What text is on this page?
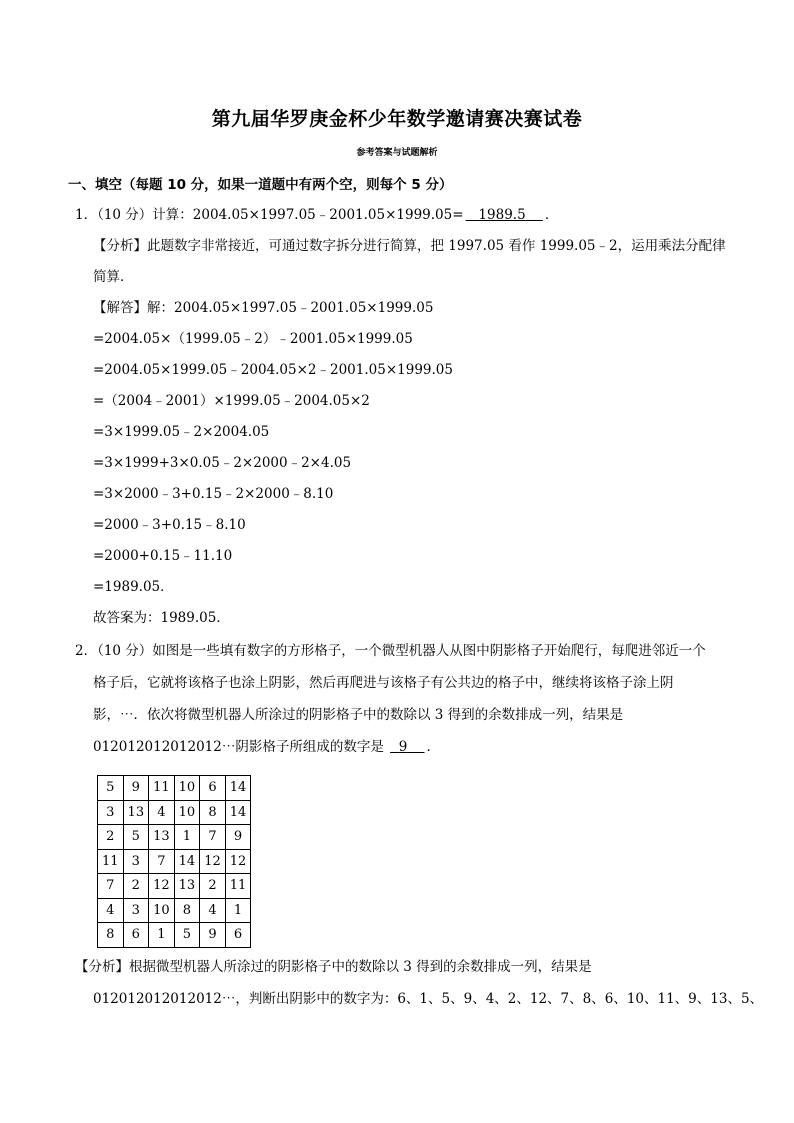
第九届华罗庚金杯少年数学邀请赛决赛试卷
参考答案与试题解析
一、填空（每题 10 分，如果一道题中有两个空，则每个 5 分）
1．（10 分）计算：2004.05×1997.05﹣2001.05×1999.05= 1989.5 ．
【分析】此题数字非常接近，可通过数字拆分进行简算，把 1997.05 看作 1999.05﹣2，运用乘法分配律
简算．
【解答】解：2004.05×1997.05﹣2001.05×1999.05
=2004.05×（1999.05﹣2）﹣2001.05×1999.05
=2004.05×1999.05﹣2004.05×2﹣2001.05×1999.05
=（2004﹣2001）×1999.05﹣2004.05×2
=3×1999.05﹣2×2004.05
=3×1999+3×0.05﹣2×2000﹣2×4.05
=3×2000﹣3+0.15﹣2×2000﹣8.10
=2000﹣3+0.15﹣8.10
=2000+0.15﹣11.10
=1989.05．
故答案为：1989.05．
2．（10 分）如图是一些填有数字的方形格子，一个微型机器人从图中阴影格子开始爬行，每爬进邻近一个
格子后，它就将该格子也涂上阴影，然后再爬进与该格子有公共边的格子中，继续将该格子涂上阴
影，⋯．依次将微型机器人所涂过的阴影格子中的数除以 3 得到的余数排成一列，结果是
012012012012012⋯阴影格子所组成的数字是 9 ．
5	9	11	10	6	14
3	13	4	10	8	14
2	5	13	1	7	9
11	3	7	14	12	12
7	2	12	13	2	11
4	3	10	8	4	1
8	6	1	5	9	6
【分析】根据微型机器人所涂过的阴影格子中的数除以 3 得到的余数排成一列，结果是
012012012012012⋯，判断出阴影中的数字为：6、1、5、9、4、2、12、7、8、6、10、11、9、13、5、
